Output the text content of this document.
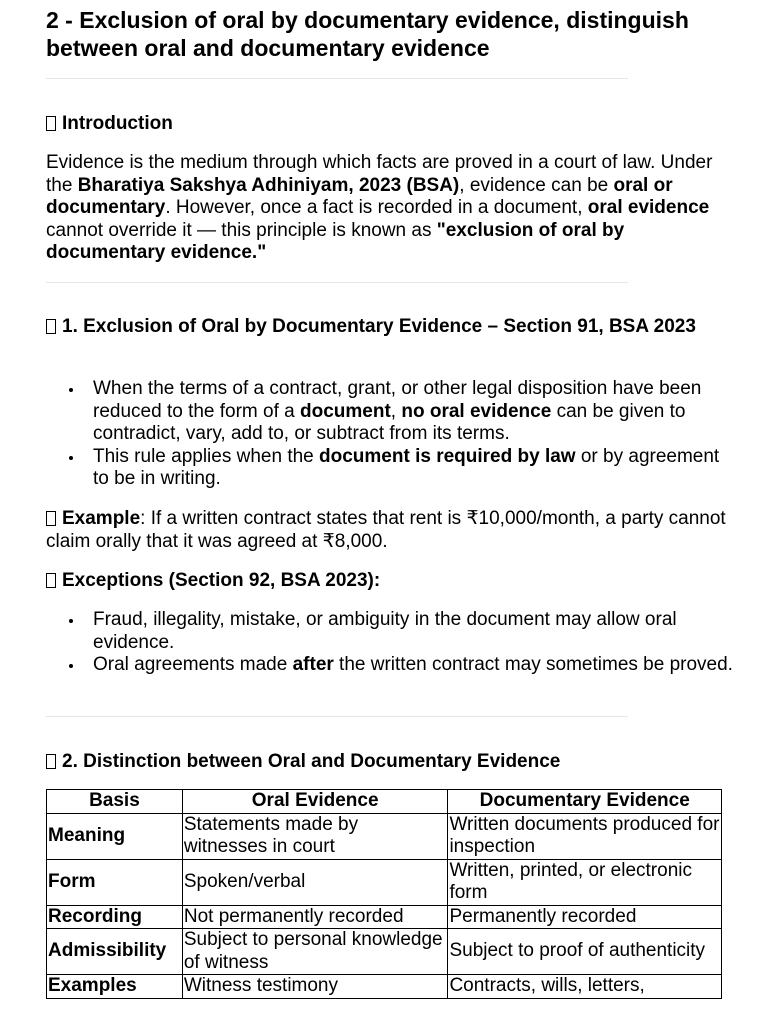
2 - Exclusion of oral by documentary evidence, distinguish between oral and documentary evidence
Introduction

Evidence is the medium through which facts are proved in a court of law. Under the Bharatiya Sakshya Adhiniyam, 2023 (BSA), evidence can be oral or documentary. However, once a fact is recorded in a document, oral evidence cannot override it — this principle is known as "exclusion of oral by documentary evidence."

1. Exclusion of Oral by Documentary Evidence – Section 91, BSA 2023
When the terms of a contract, grant, or other legal disposition have been reduced to the form of a document, no oral evidence can be given to contradict, vary, add to, or subtract from its terms.
This rule applies when the document is required by law or by agreement to be in writing.

Example: If a written contract states that rent is ₹10,000/month, a party cannot claim orally that it was agreed at ₹8,000.

Exceptions (Section 92, BSA 2023):
Fraud, illegality, mistake, or ambiguity in the document may allow oral evidence.
Oral agreements made after the written contract may sometimes be proved.
2. Distinction between Oral and Documentary Evidence
Basis	Oral Evidence	Documentary Evidence
Meaning	Statements made by witnesses in court	Written documents produced for inspection
Form	Spoken/verbal	Written, printed, or electronic form
Recording	Not permanently recorded	Permanently recorded
Admissibility	Subject to personal knowledge of witness	Subject to proof of authenticity
Examples	Witness testimony	Contracts, wills, letters,
